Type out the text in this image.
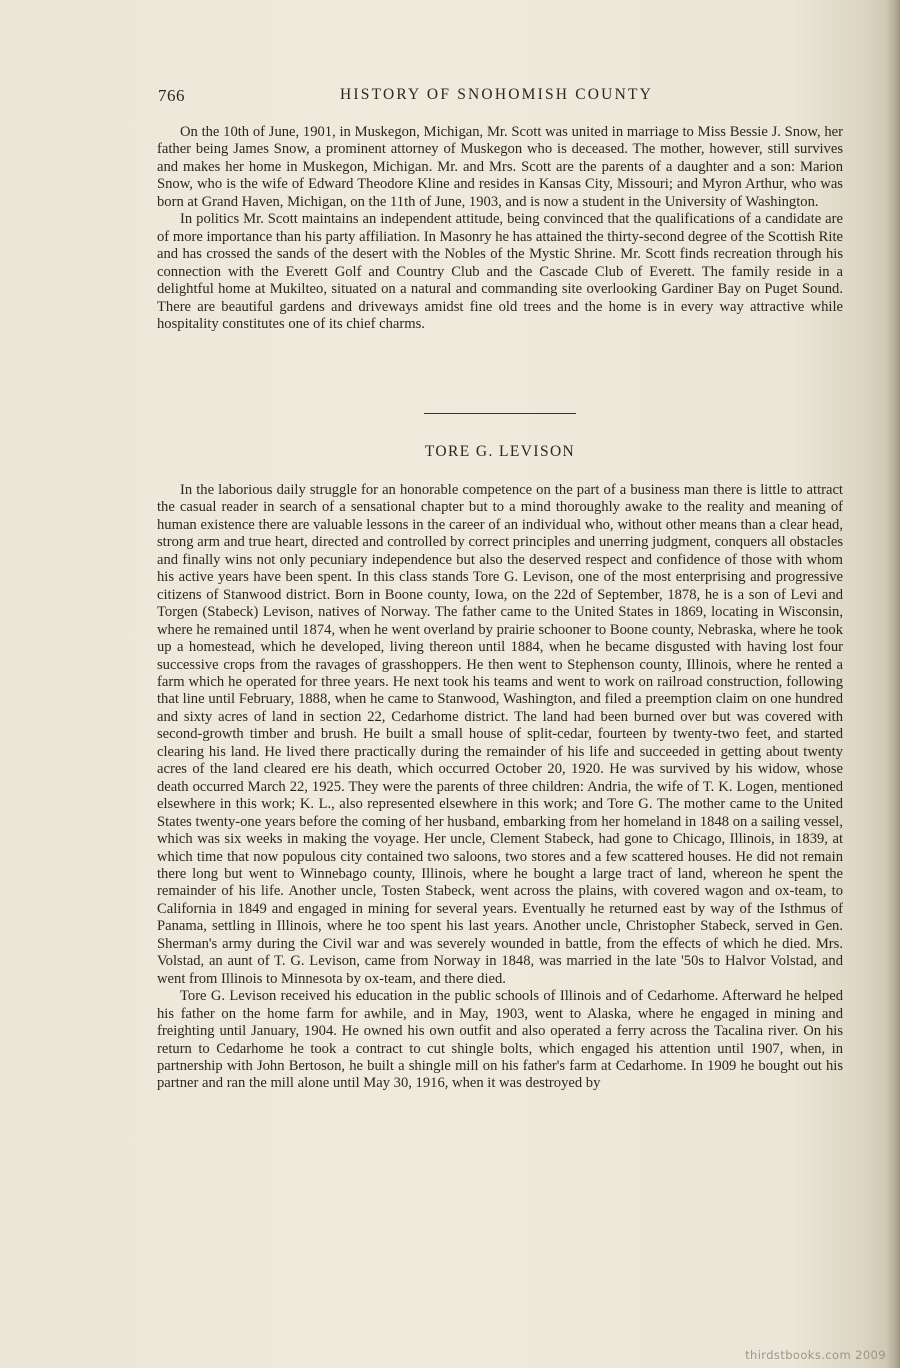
766	HISTORY OF SNOHOMISH COUNTY

On the 10th of June, 1901, in Muskegon, Michigan, Mr. Scott was united in marriage to Miss Bessie J. Snow, her father being James Snow, a prominent attorney of Muskegon who is deceased. The mother, however, still survives and makes her home in Muskegon, Michigan. Mr. and Mrs. Scott are the parents of a daughter and a son: Marion Snow, who is the wife of Edward Theodore Kline and resides in Kansas City, Missouri; and Myron Arthur, who was born at Grand Haven, Michigan, on the 11th of June, 1903, and is now a student in the University of Washington.

In politics Mr. Scott maintains an independent attitude, being convinced that the qualifications of a candidate are of more importance than his party affiliation. In Masonry he has attained the thirty-second degree of the Scottish Rite and has crossed the sands of the desert with the Nobles of the Mystic Shrine. Mr. Scott finds recreation through his connection with the Everett Golf and Country Club and the Cascade Club of Everett. The family reside in a delightful home at Mukilteo, situated on a natural and commanding site overlooking Gardiner Bay on Puget Sound. There are beautiful gardens and driveways amidst fine old trees and the home is in every way attractive while hospitality constitutes one of its chief charms.

TORE G. LEVISON

In the laborious daily struggle for an honorable competence on the part of a business man there is little to attract the casual reader in search of a sensational chapter but to a mind thoroughly awake to the reality and meaning of human existence there are valuable lessons in the career of an individual who, without other means than a clear head, strong arm and true heart, directed and controlled by correct principles and unerring judgment, conquers all obstacles and finally wins not only pecuniary independence but also the deserved respect and confidence of those with whom his active years have been spent. In this class stands Tore G. Levison, one of the most enterprising and progressive citizens of Stanwood district. Born in Boone county, Iowa, on the 22d of September, 1878, he is a son of Levi and Torgen (Stabeck) Levison, natives of Norway. The father came to the United States in 1869, locating in Wisconsin, where he remained until 1874, when he went overland by prairie schooner to Boone county, Nebraska, where he took up a homestead, which he developed, living thereon until 1884, when he became disgusted with having lost four successive crops from the ravages of grasshoppers. He then went to Stephenson county, Illinois, where he rented a farm which he operated for three years. He next took his teams and went to work on railroad construction, following that line until February, 1888, when he came to Stanwood, Washington, and filed a preemption claim on one hundred and sixty acres of land in section 22, Cedarhome district. The land had been burned over but was covered with second-growth timber and brush. He built a small house of split-cedar, fourteen by twenty-two feet, and started clearing his land. He lived there practically during the remainder of his life and succeeded in getting about twenty acres of the land cleared ere his death, which occurred October 20, 1920. He was survived by his widow, whose death occurred March 22, 1925. They were the parents of three children: Andria, the wife of T. K. Logen, mentioned elsewhere in this work; K. L., also represented elsewhere in this work; and Tore G. The mother came to the United States twenty-one years before the coming of her husband, embarking from her homeland in 1848 on a sailing vessel, which was six weeks in making the voyage. Her uncle, Clement Stabeck, had gone to Chicago, Illinois, in 1839, at which time that now populous city contained two saloons, two stores and a few scattered houses. He did not remain there long but went to Winnebago county, Illinois, where he bought a large tract of land, whereon he spent the remainder of his life. Another uncle, Tosten Stabeck, went across the plains, with covered wagon and ox-team, to California in 1849 and engaged in mining for several years. Eventually he returned east by way of the Isthmus of Panama, settling in Illinois, where he too spent his last years. Another uncle, Christopher Stabeck, served in Gen. Sherman's army during the Civil war and was severely wounded in battle, from the effects of which he died. Mrs. Volstad, an aunt of T. G. Levison, came from Norway in 1848, was married in the late '50s to Halvor Volstad, and went from Illinois to Minnesota by ox-team, and there died.

Tore G. Levison received his education in the public schools of Illinois and of Cedarhome. Afterward he helped his father on the home farm for awhile, and in May, 1903, went to Alaska, where he engaged in mining and freighting until January, 1904. He owned his own outfit and also operated a ferry across the Tacalina river. On his return to Cedarhome he took a contract to cut shingle bolts, which engaged his attention until 1907, when, in partnership with John Bertoson, he built a shingle mill on his father's farm at Cedarhome. In 1909 he bought out his partner and ran the mill alone until May 30, 1916, when it was destroyed by

thirdstbooks.com 2009
